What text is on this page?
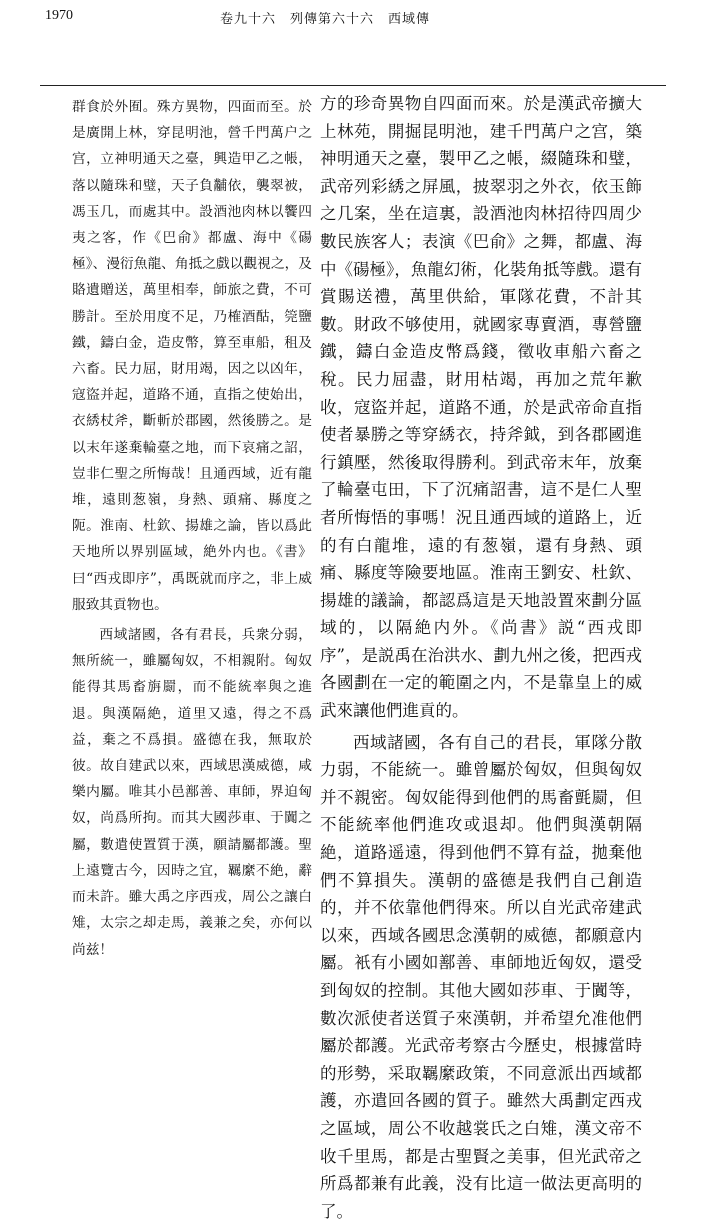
1970	卷九十六　列傳第六十六　西域傳

群食於外囿。殊方異物，四面而至。於是廣開上林，穿昆明池，營千門萬户之宫，立神明通天之臺，興造甲乙之帳，落以隨珠和璧，天子負黼依，襲翠被，馮玉几，而處其中。設酒池肉林以饗四夷之客，作《巴俞》都盧、海中《碭極》、漫衍魚龍、角抵之戲以觀視之，及賂遺贈送，萬里相奉，師旅之費，不可勝計。至於用度不足，乃榷酒酤，筦鹽鐵，鑄白金，造皮幣，算至車船，租及六畜。民力屈，財用竭，因之以凶年，寇盜并起，道路不通，直指之使始出，衣綉杖斧，斷斬於郡國，然後勝之。是以末年遂棄輪臺之地，而下哀痛之詔，豈非仁聖之所悔哉！且通西域，近有龍堆，遠則葱嶺，身熱、頭痛、縣度之阨。淮南、杜欽、揚雄之論，皆以爲此天地所以界别區域，絶外内也。《書》曰“西戎即序”，禹既就而序之，非上威服致其貢物也。

西域諸國，各有君長，兵衆分弱，無所統一，雖屬匈奴，不相親附。匈奴能得其馬畜旃罽，而不能統率與之進退。與漢隔絶，道里又遠，得之不爲益，棄之不爲損。盛德在我，無取於彼。故自建武以來，西域思漢威德，咸樂内屬。唯其小邑鄯善、車師，界迫匈奴，尚爲所拘。而其大國莎車、于闐之屬，數遣使置質于漢，願請屬都護。聖上遠覽古今，因時之宜，羈縻不絶，辭而未許。雖大禹之序西戎，周公之讓白雉，太宗之却走馬，義兼之矣，亦何以尚兹！

方的珍奇異物自四面而來。於是漢武帝擴大上林苑，開掘昆明池，建千門萬户之宫，築神明通天之臺，製甲乙之帳，綴隨珠和璧，武帝列彩綉之屏風，披翠羽之外衣，依玉飾之几案，坐在這裏，設酒池肉林招待四周少數民族客人；表演《巴俞》之舞，都盧、海中《碭極》，魚龍幻術，化裝角抵等戲。還有賞賜送禮，萬里供給，軍隊花費，不計其數。財政不够使用，就國家專賣酒，專營鹽鐵，鑄白金造皮幣爲錢，徵收車船六畜之稅。民力屈盡，財用枯竭，再加之荒年歉收，寇盜并起，道路不通，於是武帝命直指使者暴勝之等穿綉衣，持斧鉞，到各郡國進行鎮壓，然後取得勝利。到武帝末年，放棄了輪臺屯田，下了沉痛詔書，這不是仁人聖者所悔悟的事嗎！況且通西域的道路上，近的有白龍堆，遠的有葱嶺，還有身熱、頭痛、縣度等險要地區。淮南王劉安、杜欽、揚雄的議論，都認爲這是天地設置來劃分區域的，以隔絶内外。《尚書》説“西戎即序”，是説禹在治洪水、劃九州之後，把西戎各國劃在一定的範圍之内，不是靠皇上的威武來讓他們進貢的。

西域諸國，各有自己的君長，軍隊分散力弱，不能統一。雖曾屬於匈奴，但與匈奴并不親密。匈奴能得到他們的馬畜氈罽，但不能統率他們進攻或退却。他們與漢朝隔絶，道路遥遠，得到他們不算有益，拋棄他們不算損失。漢朝的盛德是我們自己創造的，并不依靠他們得來。所以自光武帝建武以來，西域各國思念漢朝的威德，都願意内屬。衹有小國如鄯善、車師地近匈奴，還受到匈奴的控制。其他大國如莎車、于闐等，數次派使者送質子來漢朝，并希望允准他們屬於都護。光武帝考察古今歷史，根據當時的形勢，采取羈縻政策，不同意派出西域都護，亦遣回各國的質子。雖然大禹劃定西戎之區域，周公不收越裳氏之白雉，漢文帝不收千里馬，都是古聖賢之美事，但光武帝之所爲都兼有此義，没有比這一做法更高明的了。
